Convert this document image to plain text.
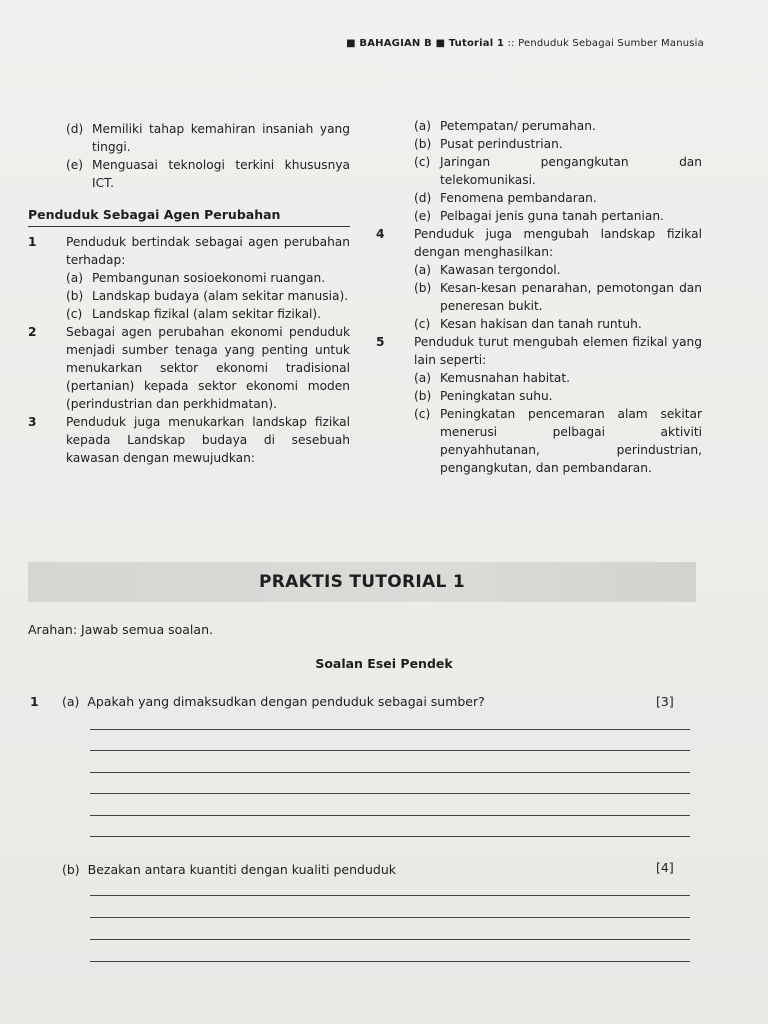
■ BAHAGIAN B ■ Tutorial 1 :: Penduduk Sebagai Sumber Manusia
(d) Memiliki tahap kemahiran insaniah yang tinggi.
(e) Menguasai teknologi terkini khususnya ICT.
Penduduk Sebagai Agen Perubahan
1	Penduduk bertindak sebagai agen perubahan terhadap:

(a) Pembangunan sosioekonomi ruangan.
(b) Landskap budaya (alam sekitar manusia).
(c) Landskap fizikal (alam sekitar fizikal).
2	Sebagai agen perubahan ekonomi penduduk menjadi sumber tenaga yang penting untuk menukarkan sektor ekonomi tradisional (pertanian) kepada sektor ekonomi moden (perindustrian dan perkhidmatan).

3	Penduduk juga menukarkan landskap fizikal kepada Landskap budaya di sesebuah kawasan dengan mewujudkan:

(a) Petempatan/ perumahan.
(b) Pusat perindustrian.
(c) Jaringan pengangkutan dan telekomunikasi.
(d) Fenomena pembandaran.
(e) Pelbagai jenis guna tanah pertanian.
4	Penduduk juga mengubah landskap fizikal dengan menghasilkan:

(a) Kawasan tergondol.
(b) Kesan-kesan penarahan, pemotongan dan peneresan bukit.
(c) Kesan hakisan dan tanah runtuh.
5	Penduduk turut mengubah elemen fizikal yang lain seperti:

(a) Kemusnahan habitat.
(b) Peningkatan suhu.
(c) Peningkatan pencemaran alam sekitar menerusi pelbagai aktiviti penyahhutanan, perindustrian, pengangkutan, dan pembandaran.
PRAKTIS TUTORIAL 1
Arahan: Jawab semua soalan.
Soalan Esei Pendek
1 (a) Apakah yang dimaksudkan dengan penduduk sebagai sumber?	[3]
(b) Bezakan antara kuantiti dengan kualiti penduduk	[4]
